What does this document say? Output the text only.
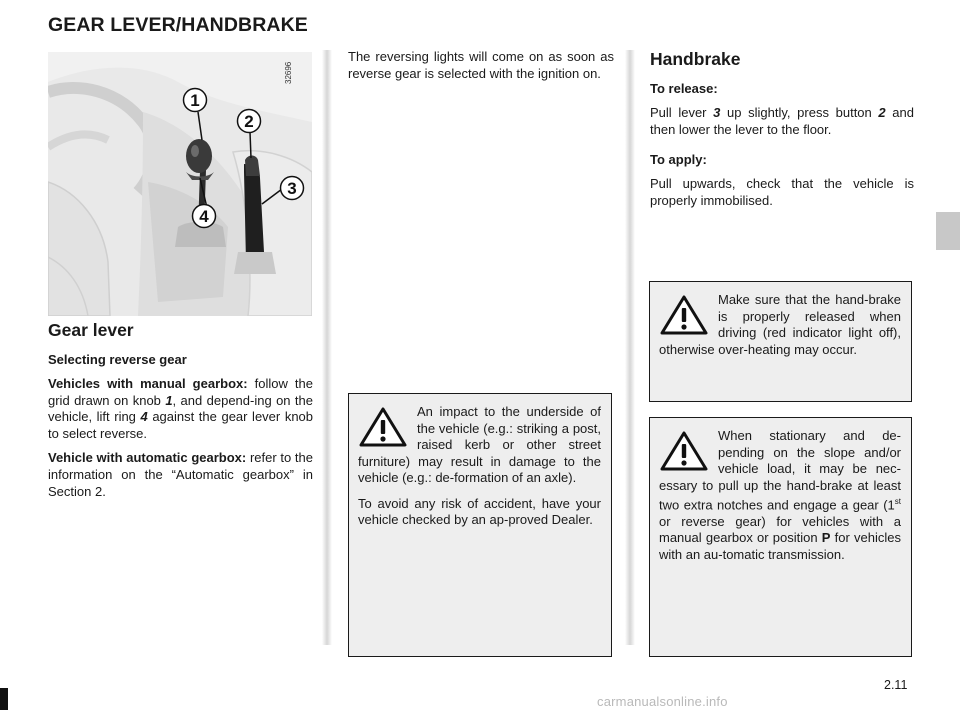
GEAR LEVER/HANDBRAKE
1
2
3
4
32696
Gear lever
Selecting reverse gear
Vehicles with manual gearbox: follow the grid drawn on knob 1, and depend-ing on the vehicle, lift ring 4 against the gear lever knob to select reverse.
Vehicle with automatic gearbox: refer to the information on the “Automatic gearbox” in Section 2.
The reversing lights will come on as soon as reverse gear is selected with the ignition on.
An impact to the underside of the vehicle (e.g.: striking a post, raised kerb or other street furniture) may result in damage to the vehicle (e.g.: de-formation of an axle).
To avoid any risk of accident, have your vehicle checked by an ap-proved Dealer.
Handbrake
To release:
Pull lever 3 up slightly, press button 2 and then lower the lever to the floor.
To apply:
Pull upwards, check that the vehicle is properly immobilised.
Make sure that the hand-brake is properly released when driving (red indicator light off), otherwise over-heating may occur.
When stationary and de-pending on the slope and/or vehicle load, it may be nec-essary to pull up the hand-brake at least two extra notches and engage a gear (1st or reverse gear) for vehicles with a manual gearbox or position P for vehicles with an au-tomatic transmission.
2.11
carmanualsonline.info
